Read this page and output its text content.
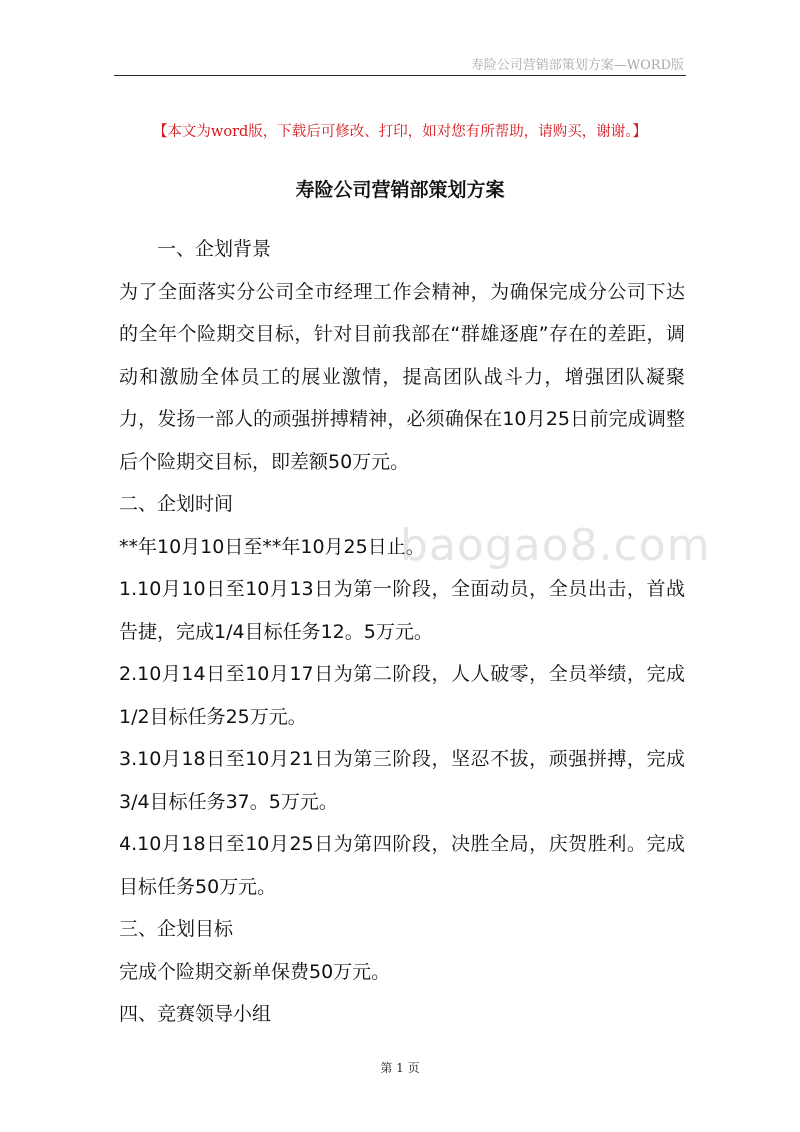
寿险公司营销部策划方案—WORD版
【本文为word版，下载后可修改、打印，如对您有所帮助，请购买，谢谢。】
寿险公司营销部策划方案

一、企划背景

为了全面落实分公司全市经理工作会精神，为确保完成分公司下达的全年个险期交目标，针对目前我部在“群雄逐鹿”存在的差距，调动和激励全体员工的展业激情，提高团队战斗力，增强团队凝聚力，发扬一部人的顽强拼搏精神，必须确保在10月25日前完成调整后个险期交目标，即差额50万元。

二、企划时间

**年10月10日至**年10月25日止。

1.10月10日至10月13日为第一阶段，全面动员，全员出击，首战告捷，完成1/4目标任务12。5万元。

2.10月14日至10月17日为第二阶段，人人破零，全员举绩，完成1/2目标任务25万元。

3.10月18日至10月21日为第三阶段，坚忍不拔，顽强拼搏，完成3/4目标任务37。5万元。

4.10月18日至10月25日为第四阶段，决胜全局，庆贺胜利。完成目标任务50万元。

三、企划目标

完成个险期交新单保费50万元。

四、竞赛领导小组

baogao8.com
第 1 页
